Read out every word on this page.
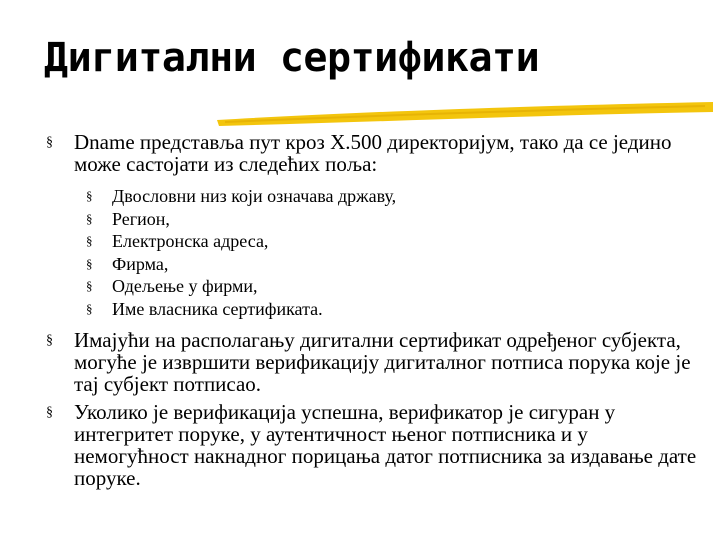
Дигитални сертификати
§ Dname представља пут кроз X.500 директоријум, тако да се једино може састојати из следећих поља:
§ Двословни низ који означава државу,
§ Регион,
§ Електронска адреса,
§ Фирма,
§ Одељење у фирми,
§ Име власника сертификата.
§ Имајући на располагању дигитални сертификат одређеног субјекта, могуће је извршити верификацију дигиталног потписа порука које је тај субјект потписао.
§ Уколико је верификација успешна, верификатор је сигуран у интегритет поруке, у аутентичност њеног потписника и у немогућност накнадног порицања датог потписника за издавање дате поруке.
